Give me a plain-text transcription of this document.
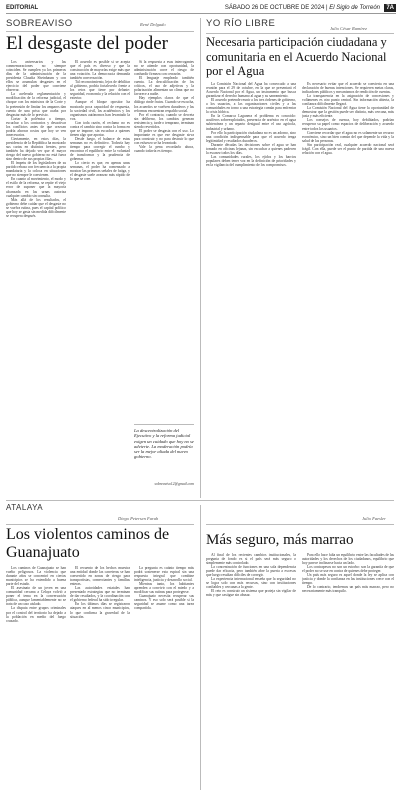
EDITORIAL	SÁBADO 26 DE OCTUBRE DE 2024 | El Siglo de Torreón	7A
SOBREAVISO	René Delgado
El desgaste del poder

Los aniversarios y las conmemoraciones no siempre coinciden. Se cumplen ya los primeros días de la administración de la presidenta Claudia Sheinbaum y con ellos se acumulan desgastes en el ejercicio del poder que conviene observar.

La acelerada reglamentación y modificación de la reforma judicial, el choque con los ministros de la Corte y la pretensión de limitar los amparos dan cuenta de una prisa que acaba por desgastar más de lo previsto.

Cortar la polémica a tiempo, escuchar a los contrarios y desactivar los conflictos antes de que crezcan podría ahorrar costos que hoy se ven innecesarios.

Ciertamente, en estos días, la presidencia de la República ha mostrado sus cartas en distintos frentes, pero también ha dejado ver que el mayor riesgo del nuevo gobierno no está fuera sino dentro de sus propias filas.

El ímpetu de los legisladores de su partido rebasa con frecuencia a la propia mandataria y la coloca en situaciones que no siempre le convienen.

En cuanto al movimiento, el modo y el estilo de la reforma, se repite el viejo error de suponer que la mayoría alcanzada en las urnas autoriza cualquier cambio sin consulta.

Más allá de los resultados, el gobierno debe cuidar que el desgaste no se vuelva rutina, pues el capital político que hoy se gasta sin medida difícilmente se recupera después.

El acuerdo es posible si se acepta que el país es diverso y que la construcción de mayorías exige más que una votación. La democracia demanda también conversación.

Tal reconocimiento, lejos de debilitar al gobierno, podría fortalecerlo frente a los retos que tiene por delante: seguridad, economía y la relación con el exterior.

Aunque el bloque opositor ha mostrado poca capacidad de respuesta, la sociedad civil, los académicos y los organismos autónomos han levantado la voz.

Con toda razón, el reclamo no es contra el cambio sino contra la forma en que se impone, sin escuchar a quienes tienen algo que aportar.

Desde luego, el balance de estas semanas no es definitivo. Todavía hay tiempo para corregir el rumbo y encontrar el equilibrio entre la voluntad de transformar y la prudencia de gobernar.

Lo cierto es que, en apenas unas semanas, el poder ha comenzado a mostrar las primeras señales de fatiga, y el desgaste suele avanzar más rápido de lo que se cree.

Si la respuesta a esas interrogantes no se atiende con oportunidad, la administración corre el riesgo de confundir firmeza con cerrazón.

El lenguaje empleado también cuenta. La descalificación de los críticos, el uso de adjetivos y la polarización alimentan un clima que no favorece a nadie.

Hay ejemplos claros de que el diálogo rinde frutos. Cuando se escucha, los acuerdos se vuelven duraderos y las reformas encuentran respaldo social.

Por el contrario, cuando se decreta sin deliberar, los cambios generan resistencia y, tarde o temprano, terminan siendo revertidos.

El poder se desgasta con el uso. Lo importante es que ese desgaste sirva para construir y no para destruir lo que con esfuerzo se ha levantado.

Vale la pena recordarlo ahora, cuando todavía es tiempo.

La descentralización del Ejecutivo y la reforma judicial exigen un cuidado que hoy no se advierte. La moderación podría ser la mejor aliada del nuevo gobierno.
sobreaviso12@gmail.com
YO RÍO LIBRE	Julio César Ramírez
Necesaria participación ciudadana y comunitaria en el Acuerdo Nacional por el Agua

La Comisión Nacional del Agua ha convocado a una reunión para el 29 de octubre, en la que se presentará el Acuerdo Nacional por el Agua, un instrumento que busca garantizar el derecho humano al agua y su saneamiento.

El acuerdo pretende reunir a los tres órdenes de gobierno, a los usuarios, a las organizaciones civiles y a las comunidades en torno a una estrategia común para enfrentar la crisis hídrica.

En la Comarca Lagunera el problema es conocido: acuíferos sobreexplotados, presencia de arsénico en el agua subterránea y un reparto desigual entre el uso agrícola, industrial y urbano.

Por ello la participación ciudadana no es un adorno, sino una condición indispensable para que el acuerdo tenga legitimidad y resultados duraderos.

Durante décadas las decisiones sobre el agua se han tomado en oficinas lejanas, sin escuchar a quienes padecen la escasez todos los días.

Las comunidades rurales, los ejidos y los barrios populares deben tener voz en la definición de prioridades y en la vigilancia del cumplimiento de los compromisos.

Es necesario evitar que el acuerdo se convierta en una declaración de buenas intenciones. Se requieren metas claras, indicadores públicos y mecanismos de rendición de cuentas.

La transparencia en la asignación de concesiones y volúmenes es otro punto central. Sin información abierta, la confianza difícilmente llegará.

La Comisión Nacional del Agua tiene la oportunidad de demostrar que la gestión puede ser distinta, más cercana, más justa y más eficiente.

Los consejos de cuenca, hoy debilitados, podrían recuperar su papel como espacios de deliberación y acuerdo entre todos los usuarios.

Conviene recordar que el agua no es solamente un recurso económico, sino un bien común del que depende la vida y la salud de las personas.

Sin participación real, cualquier acuerdo nacional será frágil. Con ella, puede ser el punto de partida de una nueva relación con el agua.

ATALAYA
Diego Petersen Farah
Los violentos caminos de Guanajuato

Los caminos de Guanajuato se han vuelto peligrosos. La violencia que durante años se concentró en ciertos municipios se ha extendido a buena parte del estado.

El asesinato de un joven en una comunidad cercana a Celaya volvió a poner el tema en la conversación pública, aunque lamentablemente no se trata de un caso aislado.

La disputa entre grupos criminales por el control del territorio ha dejado a la población en medio del fuego cruzado.

El recuento de los hechos muestra una entidad donde las carreteras se han convertido en zonas de riesgo para transportistas, comerciantes y familias enteras.

Las autoridades estatales han presentado estrategias que no terminan de dar resultados, y la coordinación con el gobierno federal ha sido irregular.

En los últimos días se registraron ataques en al menos cinco municipios, lo que confirma la gravedad de la situación.

La pregunta es cuánto tiempo más podrá sostenerse esta espiral sin una respuesta integral que combine inteligencia, justicia y desarrollo social.

Mientras tanto, los habitantes aprenden a convivir con el miedo y a modificar sus rutinas para protegerse.

Guanajuato necesita recuperar sus caminos. Y eso solo será posible si la seguridad se asume como una tarea compartida.

Julio Faesler
Más seguro, más marrao

Al final de los recientes cambios institucionales, la pregunta de fondo es si el país será más seguro o simplemente más controlado.

La concentración de funciones en una sola dependencia puede dar eficacia, pero también abre la puerta a excesos que luego resultan difíciles de corregir.

La experiencia internacional enseña que la seguridad no se logra solo con más recursos, sino con instituciones confiables y cercanas a la gente.

El reto es construir un sistema que proteja sin vigilar de más y que castigue sin abusar.

Para ello hace falta un equilibrio entre las facultades de las autoridades y los derechos de los ciudadanos, equilibrio que hoy parece inclinarse hacia un lado.

Los contrapesos no son un estorbo: son la garantía de que el poder no se use en contra de quienes debe proteger.

Un país más seguro es aquel donde la ley se aplica con justicia y donde la confianza en las instituciones crece con el tiempo.

De lo contrario, tendremos un país más marrao, pero no necesariamente más tranquilo.
